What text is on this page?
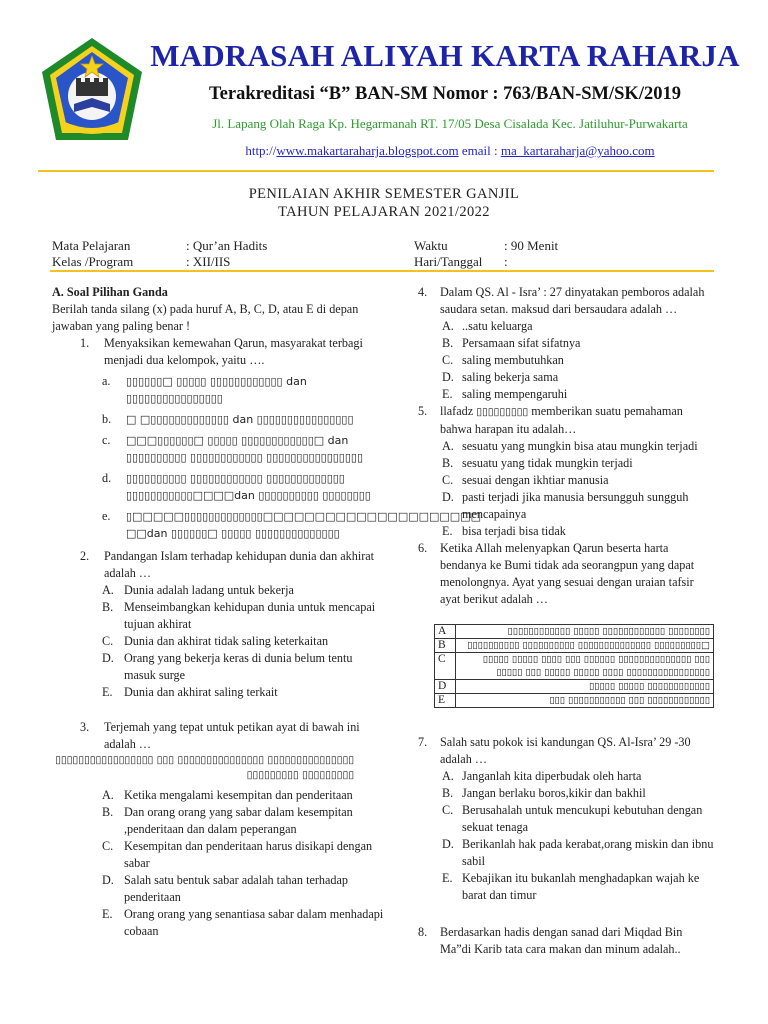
MADRASAH ALIYAH KARTA RAHARJA
Terakreditasi “B” BAN-SM Nomor : 763/BAN-SM/SK/2019
Jl. Lapang Olah Raga Kp. Hegarmanah RT. 17/05 Desa Cisalada Kec. Jatiluhur-Purwakarta
http://www.makartaraharja.blogspot.com email : ma_kartaraharja@yahoo.com
PENILAIAN AKHIR SEMESTER GANJIL
TAHUN PELAJARAN 2021/2022
Mata Pelajaran	: Qur’an Hadits
Kelas /Program	: XII/IIS
Waktu	: 90 Menit
Hari/Tanggal :

A. Soal Pilihan Ganda

Berilah tanda silang (x) pada huruf A, B, C, D, atau E di depan jawaban yang paling benar !

1. Menyaksikan kemewahan Qarun, masyarakat terbagi menjadi dua kelompok, yaitu ….

a. ▯▯▯▯▯▯□ ▯▯▯▯▯ ▯▯▯▯▯▯▯▯▯▯▯▯ dan ▯▯▯▯▯▯▯▯▯▯▯▯▯▯▯▯
b. □ □▯▯▯▯▯▯▯▯▯▯▯▯▯ dan ▯▯▯▯▯▯▯▯▯▯▯▯▯▯▯▯
c. □□□▯▯▯▯▯▯□ ▯▯▯▯▯ ▯▯▯▯▯▯▯▯▯▯▯▯□ dan ▯▯▯▯▯▯▯▯▯▯ ▯▯▯▯▯▯▯▯▯▯▯▯ ▯▯▯▯▯▯▯▯▯▯▯▯▯▯▯▯
d. ▯▯▯▯▯▯▯▯▯▯ ▯▯▯▯▯▯▯▯▯▯▯▯ ▯▯▯▯▯▯▯▯▯▯▯▯▯ ▯▯▯▯▯▯▯▯▯▯▯□□□□dan ▯▯▯▯▯▯▯▯▯▯ ▯▯▯▯▯▯▯▯
e. ▯□□□□□▯▯▯▯▯▯▯▯▯▯▯▯▯□□□□□□□□□□□□□□□□□□□□□ □□dan ▯▯▯▯▯▯□ ▯▯▯▯▯ ▯▯▯▯▯▯▯▯▯▯▯▯▯▯
2. Pandangan Islam terhadap kehidupan dunia dan akhirat adalah …

A. Dunia adalah ladang untuk bekerja
B. Menseimbangkan kehidupan dunia untuk mencapai tujuan akhirat
C. Dunia dan akhirat tidak saling keterkaitan
D. Orang yang bekerja keras di dunia belum tentu masuk surge
E. Dunia dan akhirat saling terkait
3. Terjemah yang tepat untuk petikan ayat di bawah ini adalah …

▯▯▯▯▯▯▯▯▯▯▯▯▯▯▯▯▯ ▯▯▯ ▯▯▯▯▯▯▯▯▯▯▯▯▯▯▯ ▯▯▯▯▯▯▯▯▯▯▯▯▯▯▯ ▯▯▯▯▯▯▯▯▯ ▯▯▯▯▯▯▯▯▯

A. Ketika mengalami kesempitan dan penderitaan
B. Dan orang orang yang sabar dalam kesempitan ,penderitaan dan dalam peperangan
C. Kesempitan dan penderitaan harus disikapi dengan sabar
D. Salah satu bentuk sabar adalah tahan terhadap penderitaan
E. Orang orang yang senantiasa sabar dalam menhadapi cobaan
4. Dalam QS. Al - Isra’ : 27 dinyatakan pemboros adalah saudara setan. maksud dari bersaudara adalah …

A. ..satu keluarga
B. Persamaan sifat sifatnya
C. saling membutuhkan
D. saling bekerja sama
E. saling mempengaruhi
5. llafadz ▯▯▯▯▯▯▯▯▯ memberikan suatu pemahaman bahwa harapan itu adalah…

A. sesuatu yang mungkin bisa atau mungkin terjadi
B. sesuatu yang tidak mungkin terjadi
C. sesuai dengan ikhtiar manusia
D. pasti terjadi jika manusia bersungguh sungguh mencapainya
E. bisa terjadi bisa tidak
6. Ketika Allah melenyapkan Qarun beserta harta bendanya ke Bumi tidak ada seorangpun yang dapat menolongnya. Ayat yang sesuai dengan uraian tafsir ayat berikut adalah …

A	▯▯▯▯▯▯▯▯▯▯▯▯ ▯▯▯▯▯ ▯▯▯▯▯▯▯▯▯▯▯▯ ▯▯▯▯▯▯▯▯
B	▯▯▯▯▯▯▯▯▯▯ ▯▯▯▯▯▯▯▯▯▯ ▯▯▯▯▯▯▯▯▯▯▯▯▯▯ ▯▯▯▯▯▯▯▯▯□
C	▯▯▯▯▯ ▯▯▯▯▯ ▯▯▯▯ ▯▯▯ ▯▯▯▯▯▯ ▯▯▯▯▯▯▯▯▯▯▯▯▯▯ ▯▯▯ ▯▯▯▯▯ ▯▯▯ ▯▯▯▯▯ ▯▯▯▯▯ ▯▯▯▯ ▯▯▯▯▯▯▯▯▯▯▯▯▯▯▯▯
D	▯▯▯▯▯ ▯▯▯▯▯ ▯▯▯▯▯▯▯▯▯▯▯▯
E	▯▯▯ ▯▯▯▯▯▯▯▯▯▯▯ ▯▯▯ ▯▯▯▯▯▯▯▯▯▯▯▯
7. Salah satu pokok isi kandungan QS. Al-Isra’ 29 -30 adalah …

A. Janganlah kita diperbudak oleh harta
B. Jangan berlaku boros,kikir dan bakhil
C. Berusahalah untuk mencukupi kebutuhan dengan sekuat tenaga
D. Berikanlah hak pada kerabat,orang miskin dan ibnu sabil
E. Kebajikan itu bukanlah menghadapkan wajah ke barat dan timur
8. Berdasarkan hadis dengan sanad dari Miqdad Bin Ma”di Karib tata cara makan dan minum adalah..
